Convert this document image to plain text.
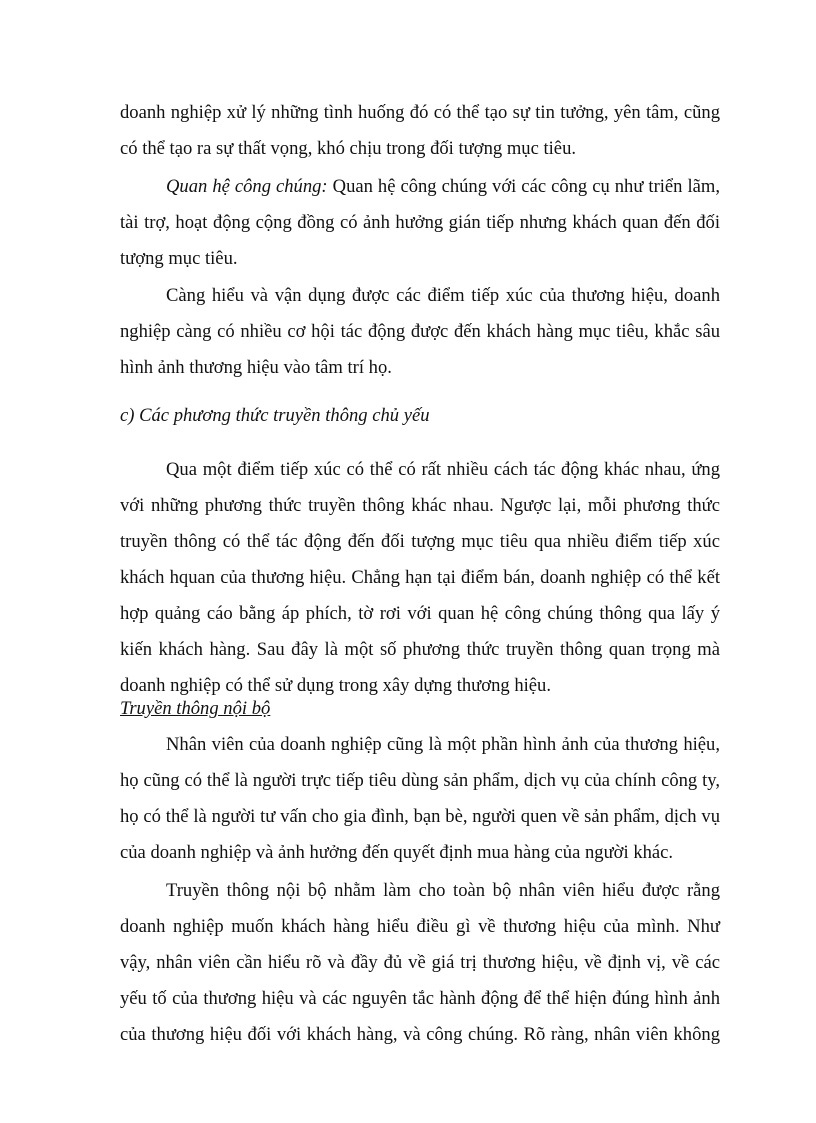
doanh nghiệp xử lý những tình huống đó có thể tạo sự tin tưởng, yên tâm, cũng
có thể tạo ra sự thất vọng, khó chịu trong đối tượng mục tiêu.
Quan hệ công chúng: Quan hệ công chúng với các công cụ như triển lãm,
tài trợ, hoạt động cộng đồng có ảnh hưởng gián tiếp nhưng khách quan đến đối
tượng mục tiêu.
Càng hiểu và vận dụng được các điểm tiếp xúc của thương hiệu, doanh
nghiệp càng có nhiều cơ hội tác động được đến khách hàng mục tiêu, khắc sâu
hình ảnh thương hiệu vào tâm trí họ.
c) Các phương thức truyền thông chủ yếu
Qua một điểm tiếp xúc có thể có rất nhiều cách tác động khác nhau, ứng
với những phương thức truyền thông khác nhau. Ngược lại, mỗi phương thức
truyền thông có thể tác động đến đối tượng mục tiêu qua nhiều điểm tiếp xúc
khách hquan của thương hiệu. Chẳng hạn tại điểm bán, doanh nghiệp có thể kết
hợp quảng cáo bằng áp phích, tờ rơi với quan hệ công chúng thông qua lấy ý
kiến khách hàng. Sau đây là một số phương thức truyền thông quan trọng mà
doanh nghiệp có thể sử dụng trong xây dựng thương hiệu.
Truyền thông nội bộ
Nhân viên của doanh nghiệp cũng là một phần hình ảnh của thương hiệu,
họ cũng có thể là người trực tiếp tiêu dùng sản phẩm, dịch vụ của chính công ty,
họ có thể là người tư vấn cho gia đình, bạn bè, người quen về sản phẩm, dịch vụ
của doanh nghiệp và ảnh hưởng đến quyết định mua hàng của người khác.
Truyền thông nội bộ nhằm làm cho toàn bộ nhân viên hiểu được rằng
doanh nghiệp muốn khách hàng hiểu điều gì về thương hiệu của mình. Như
vậy, nhân viên cần hiểu rõ và đầy đủ về giá trị thương hiệu, về định vị, về các
yếu tố của thương hiệu và các nguyên tắc hành động để thể hiện đúng hình ảnh
của thương hiệu đối với khách hàng, và công chúng. Rõ ràng, nhân viên không
